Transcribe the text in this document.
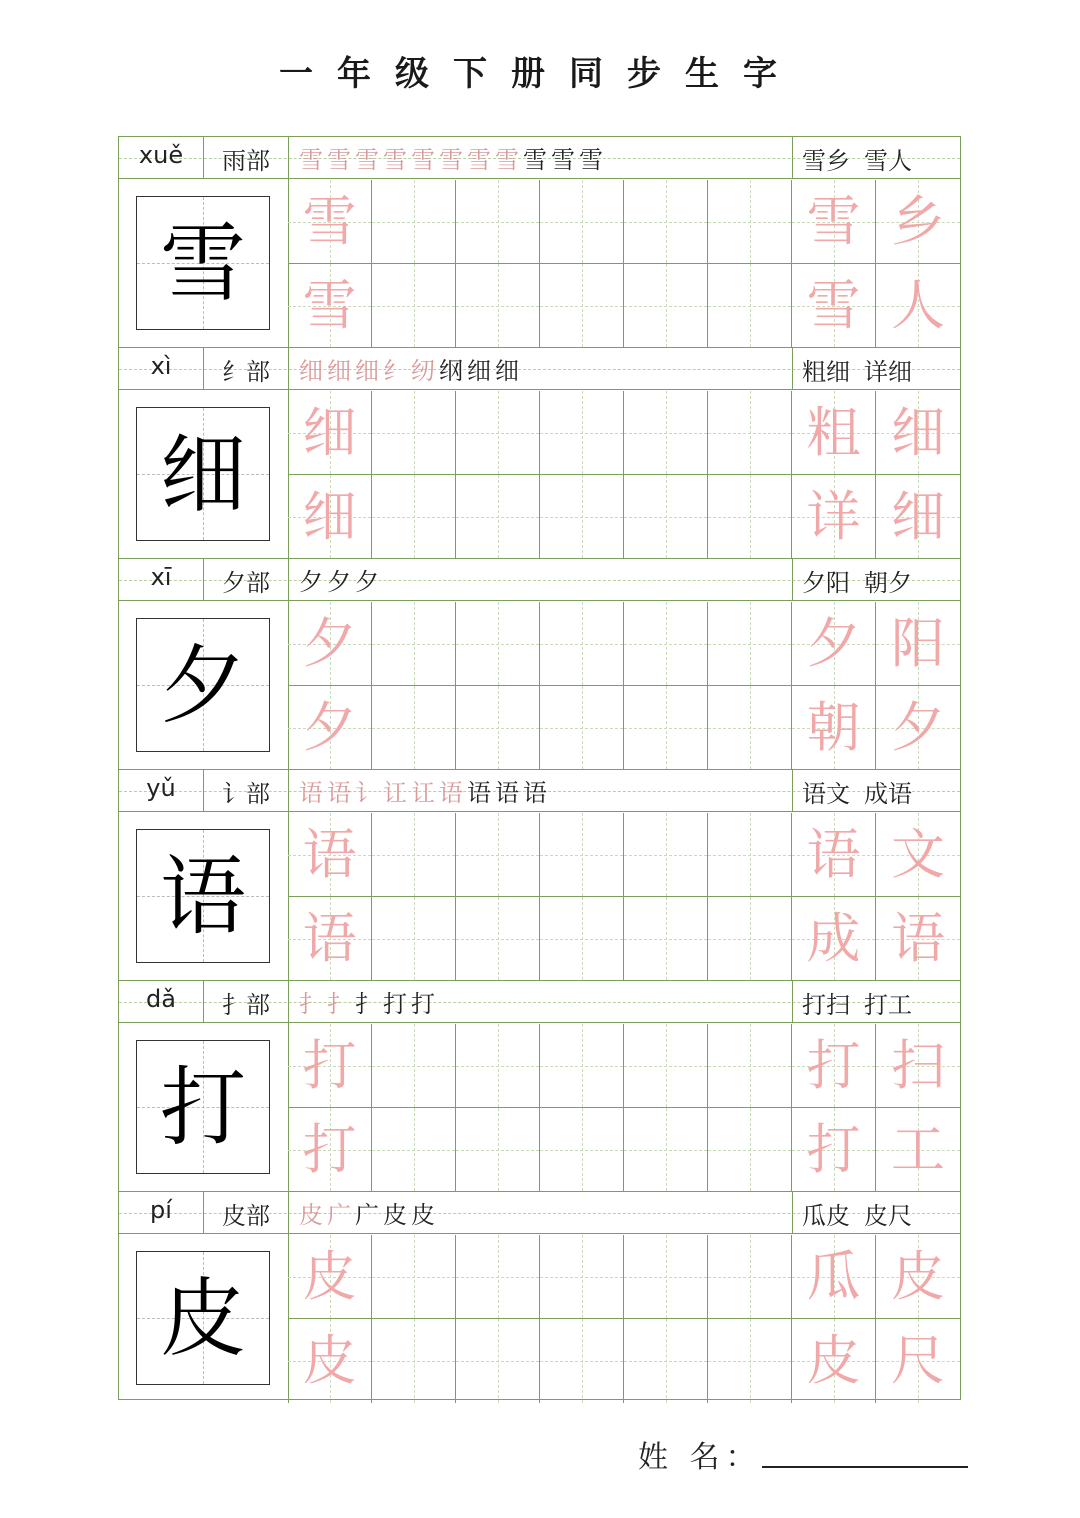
一年级下册同步生字
xuě	雨部	雪雪雪雪雪雪雪雪雪雪雪	雪乡 雪人
雪	雪	雪 乡
雪	雪 人
xì	纟部	细细细纟纫纲细细	粗细 详细
细	细	粗 细
细	详 细
xī	夕部	夕夕夕	夕阳 朝夕
夕	夕	夕 阳
夕	朝 夕
yǔ	讠部	语语讠讧讧语语语语	语文 成语
语	语	语 文
语	成 语
dǎ	扌部	扌扌扌打打	打扫 打工
打	打	打 扫
打	打 工
pí	皮部	皮广广皮皮	瓜皮 皮尺
皮	皮	瓜 皮
皮	皮 尺
姓 名：
